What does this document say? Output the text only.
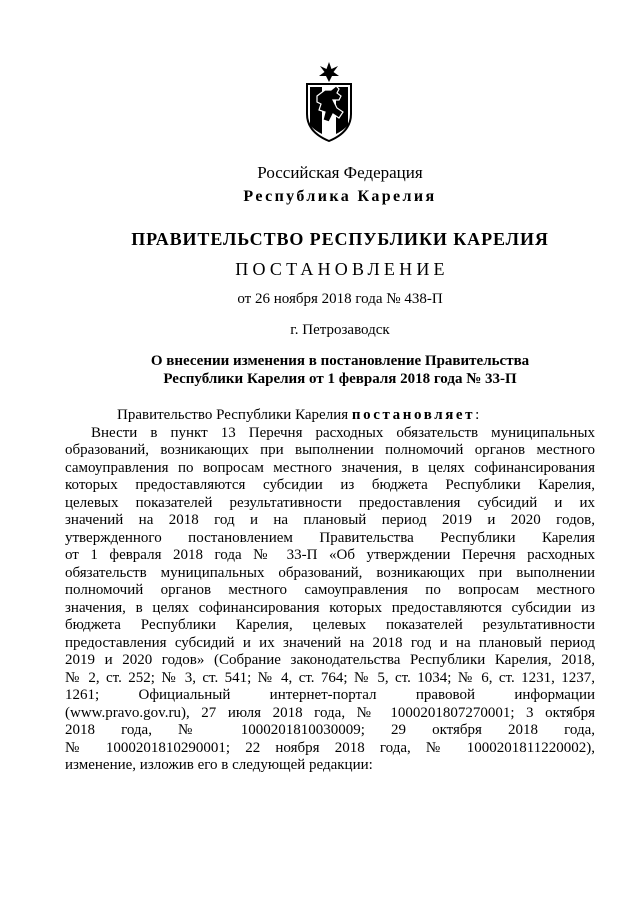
Российская Федерация
Республика Карелия
ПРАВИТЕЛЬСТВО РЕСПУБЛИКИ КАРЕЛИЯ
ПОСТАНОВЛЕНИЕ
от 26 ноября 2018 года № 438-П
г. Петрозаводск
О внесении изменения в постановление Правительства
Республики Карелия от 1 февраля 2018 года № 33-П

Правительство Республики Карелия постановляет:

Внести в пункт 13 Перечня расходных обязательств муниципальных
образований, возникающих при выполнении полномочий органов местного
самоуправления по вопросам местного значения, в целях софинансирования
которых предоставляются субсидии из бюджета Республики Карелия,
целевых показателей результативности предоставления субсидий и их
значений на 2018 год и на плановый период 2019 и 2020 годов,
утвержденного постановлением Правительства Республики Карелия
от 1 февраля 2018 года № 33-П «Об утверждении Перечня расходных
обязательств муниципальных образований, возникающих при выполнении
полномочий органов местного самоуправления по вопросам местного
значения, в целях софинансирования которых предоставляются субсидии из
бюджета Республики Карелия, целевых показателей результативности
предоставления субсидий и их значений на 2018 год и на плановый период
2019 и 2020 годов» (Собрание законодательства Республики Карелия, 2018,
№ 2, ст. 252; № 3, ст. 541; № 4, ст. 764; № 5, ст. 1034; № 6, ст. 1231, 1237,
1261; Официальный интернет-портал правовой информации
(www.pravo.gov.ru), 27 июля 2018 года, № 1000201807270001; 3 октября
2018 года, № 1000201810030009; 29 октября 2018 года,
№ 1000201810290001; 22 ноября 2018 года, № 1000201811220002),
изменение, изложив его в следующей редакции:
